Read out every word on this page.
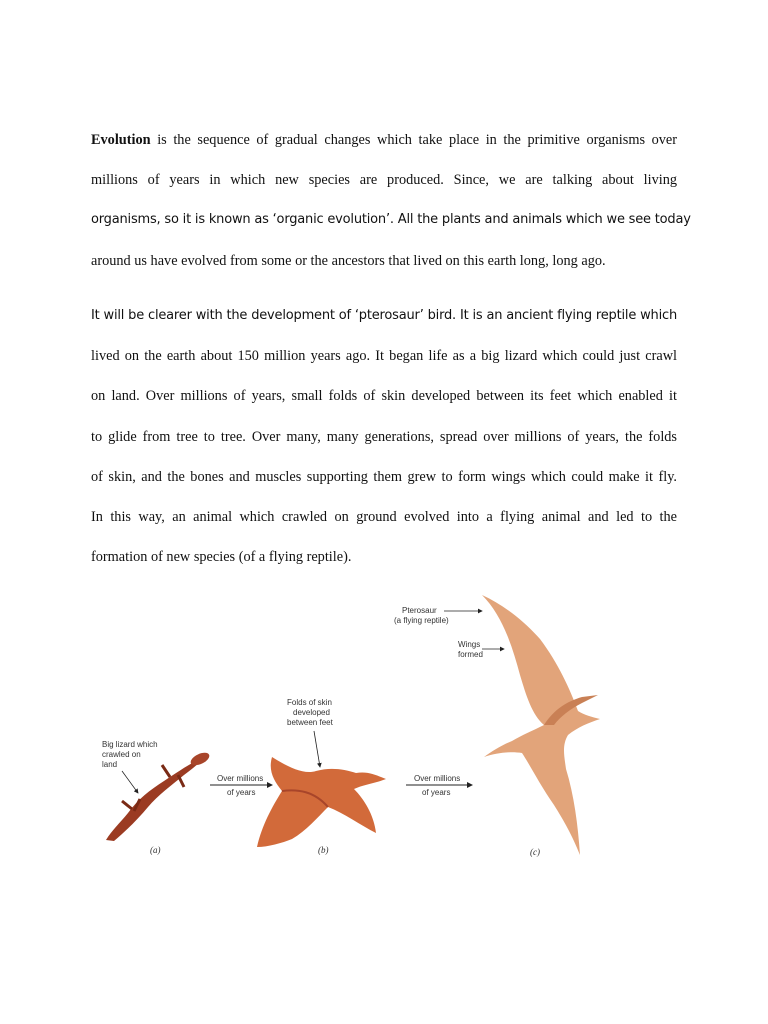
Evolution is the sequence of gradual changes which take place in the primitive organisms over
millions of years in which new species are produced. Since, we are talking about living
organisms, so it is known as ‘organic evolution’. All the plants and animals which we see today
around us have evolved from some or the ancestors that lived on this earth long, long ago.
It will be clearer with the development of ‘pterosaur’ bird. It is an ancient flying reptile which
lived on the earth about 150 million years ago. It began life as a big lizard which could just crawl
on land. Over millions of years, small folds of skin developed between its feet which enabled it
to glide from tree to tree. Over many, many generations, spread over millions of years, the folds
of skin, and the bones and muscles supporting them grew to form wings which could make it fly.
In this way, an animal which crawled on ground evolved into a flying animal and led to the
formation of new species (of a flying reptile).
Big lizard which
crawled on
land
Over millions
of years
Folds of skin
developed
between feet
Over millions
of years
Pterosaur
(a flying reptile)
Wings
formed
(a)	(b)	(c)
